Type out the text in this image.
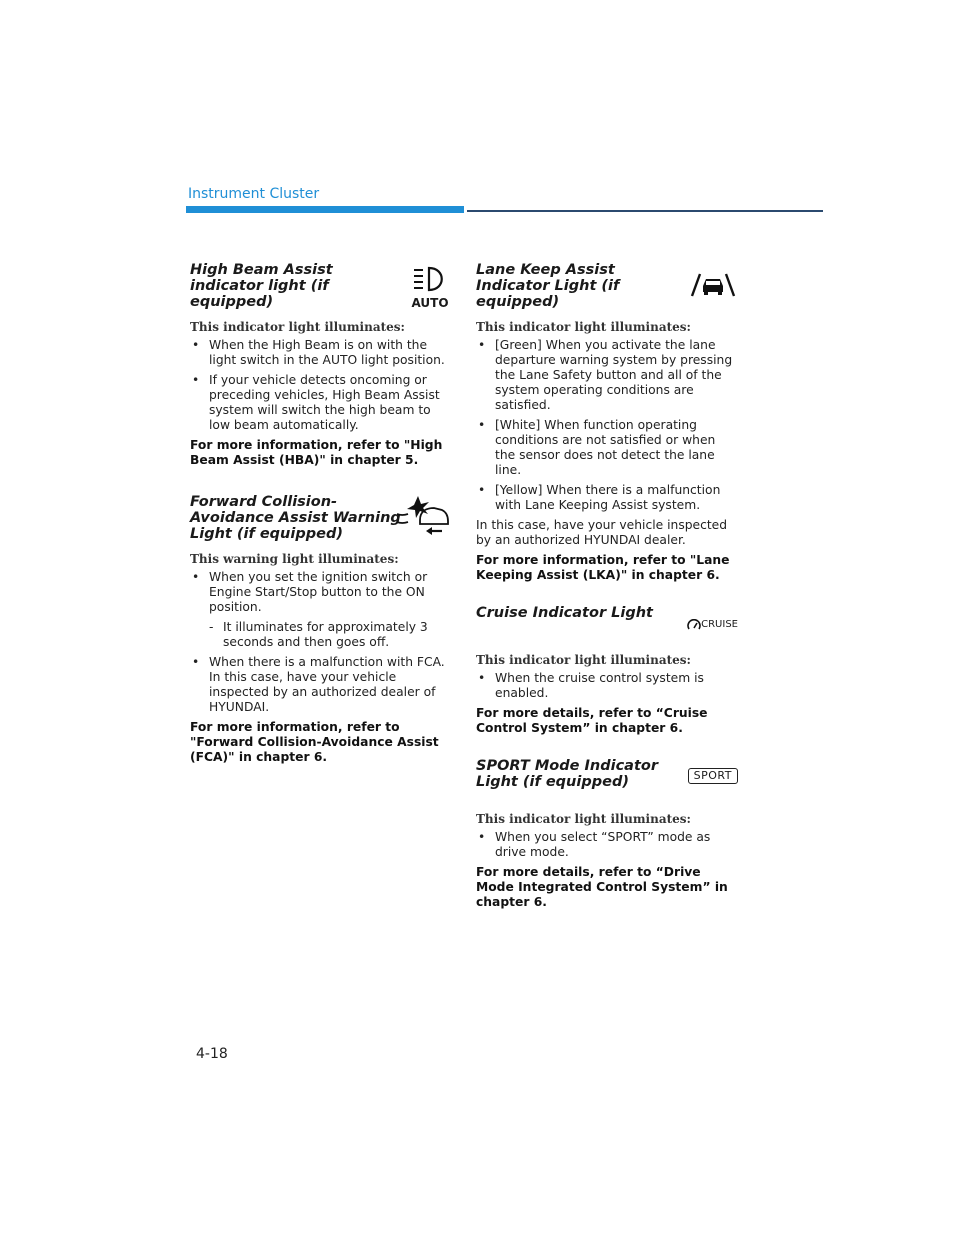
Instrument Cluster
High Beam Assist indicator light (if equipped)	AUTO
This indicator light illuminates:
• When the High Beam is on with the light switch in the AUTO light position.
• If your vehicle detects oncoming or preceding vehicles, High Beam Assist system will switch the high beam to low beam automatically.

For more information, refer to "High Beam Assist (HBA)" in chapter 5.

Forward Collision-Avoidance Assist Warning Light (if equipped)
This warning light illuminates:
• When you set the ignition switch or Engine Start/Stop button to the ON position.
- It illuminates for approximately 3 seconds and then goes off.
• When there is a malfunction with FCA. In this case, have your vehicle inspected by an authorized dealer of HYUNDAI.

For more information, refer to "Forward Collision-Avoidance Assist (FCA)" in chapter 6.

Lane Keep Assist Indicator Light (if equipped)
This indicator light illuminates:
• [Green] When you activate the lane departure warning system by pressing the Lane Safety button and all of the system operating conditions are satisfied.
• [White] When function operating conditions are not satisfied or when the sensor does not detect the lane line.
• [Yellow] When there is a malfunction with Lane Keeping Assist system.

In this case, have your vehicle inspected by an authorized HYUNDAI dealer.

For more information, refer to "Lane Keeping Assist (LKA)" in chapter 6.

Cruise Indicator Light
CRUISE
This indicator light illuminates:
• When the cruise control system is enabled.

For more details, refer to “Cruise Control System” in chapter 6.

SPORT Mode Indicator Light (if equipped)	SPORT
This indicator light illuminates:
• When you select “SPORT” mode as drive mode.

For more details, refer to “Drive Mode Integrated Control System” in chapter 6.

4-18
